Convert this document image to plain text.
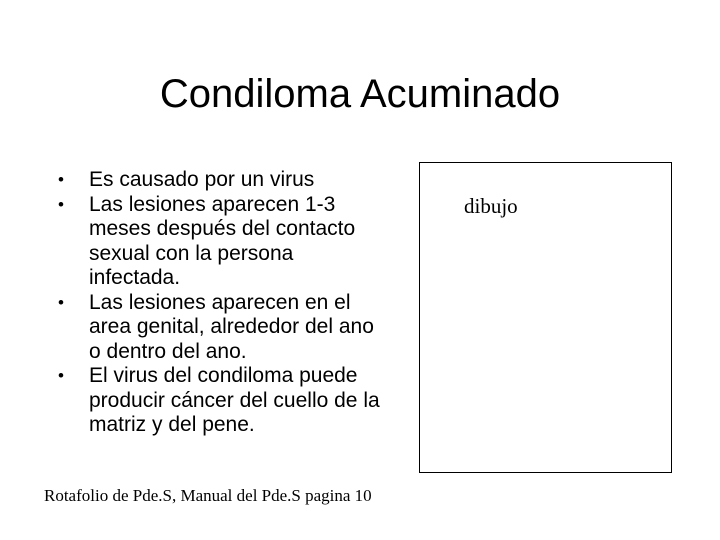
Condiloma Acuminado
•	Es causado por un virus
•	Las lesiones aparecen 1-3 meses después del contacto sexual con la persona infectada.
•	Las lesiones aparecen en el area genital, alrededor del ano o dentro del ano.
•	El virus del condiloma puede producir cáncer del cuello de la matriz y del pene.
dibujo
Rotafolio de Pde.S, Manual del Pde.S pagina 10
